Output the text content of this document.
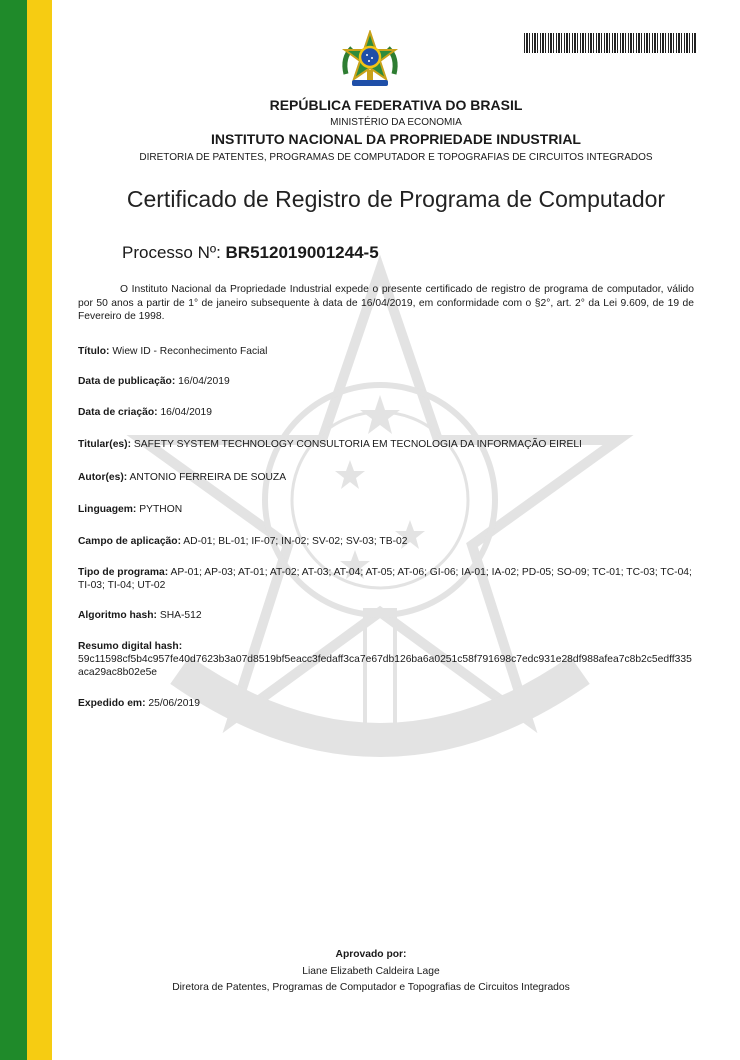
REPÚBLICA FEDERATIVA DO BRASIL
MINISTÉRIO DA ECONOMIA
INSTITUTO NACIONAL DA PROPRIEDADE INDUSTRIAL
DIRETORIA DE PATENTES, PROGRAMAS DE COMPUTADOR E TOPOGRAFIAS DE CIRCUITOS INTEGRADOS
Certificado de Registro de Programa de Computador
Processo Nº: BR512019001244-5
O Instituto Nacional da Propriedade Industrial expede o presente certificado de registro de programa de computador, válido por 50 anos a partir de 1° de janeiro subsequente à data de 16/04/2019, em conformidade com o §2°, art. 2° da Lei 9.609, de 19 de Fevereiro de 1998.
Título: Wiew ID - Reconhecimento Facial
Data de publicação: 16/04/2019
Data de criação: 16/04/2019
Titular(es): SAFETY SYSTEM TECHNOLOGY CONSULTORIA EM TECNOLOGIA DA INFORMAÇÃO EIRELI
Autor(es): ANTONIO FERREIRA DE SOUZA
Linguagem: PYTHON
Campo de aplicação: AD-01; BL-01; IF-07; IN-02; SV-02; SV-03; TB-02
Tipo de programa: AP-01; AP-03; AT-01; AT-02; AT-03; AT-04; AT-05; AT-06; GI-06; IA-01; IA-02; PD-05; SO-09; TC-01; TC-03; TC-04; TI-03; TI-04; UT-02
Algoritmo hash: SHA-512
Resumo digital hash:
59c11598cf5b4c957fe40d7623b3a07d8519bf5eacc3fedaff3ca7e67db126ba6a0251c58f791698c7edc931e28df988afea7c8b2c5edff335aca29ac8b02e5e
Expedido em: 25/06/2019
Aprovado por:
Liane Elizabeth Caldeira Lage
Diretora de Patentes, Programas de Computador e Topografias de Circuitos Integrados
